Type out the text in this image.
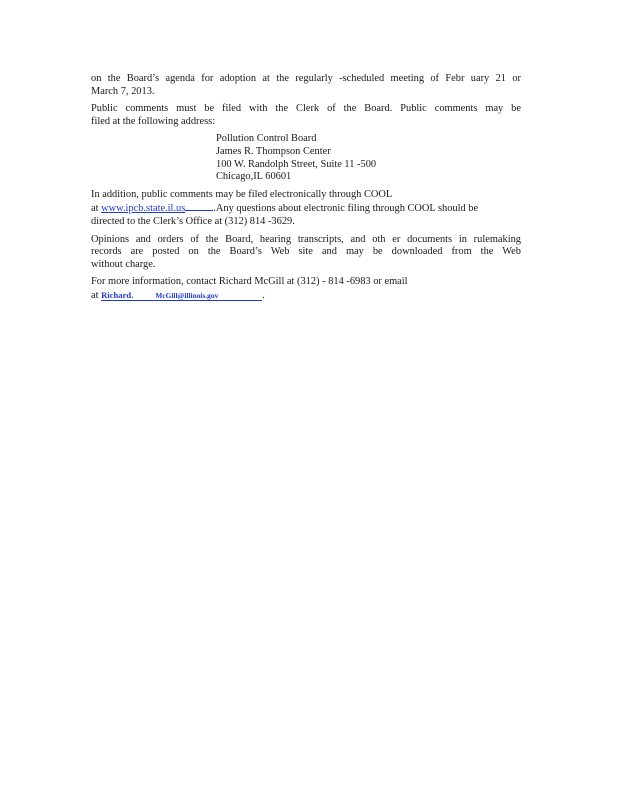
on the Board’s agenda for adoption at the regularly -scheduled meeting of Febr uary 21 or
March 7, 2013.
Public comments must be filed with the Clerk of the Board. Public comments may be
filed at the following address:
Pollution Control Board
James R. Thompson Center
100 W. Randolph Street, Suite 11 -500
Chicago,IL 60601
In addition, public comments may be filed electronically through COOL
at www.ipcb.state.il.us	.Any questions about electronic filing through COOL should be
directed to the Clerk’s Office at (312) 814 -3629.
Opinions and orders of the Board, hearing transcripts, and oth er documents in rulemaking
records are posted on the Board’s Web site and may be downloaded from the Web
without charge.
For more information, contact Richard McGill at (312) - 814 -6983 or email
at Richard.	McGill@illinois.gov	.
